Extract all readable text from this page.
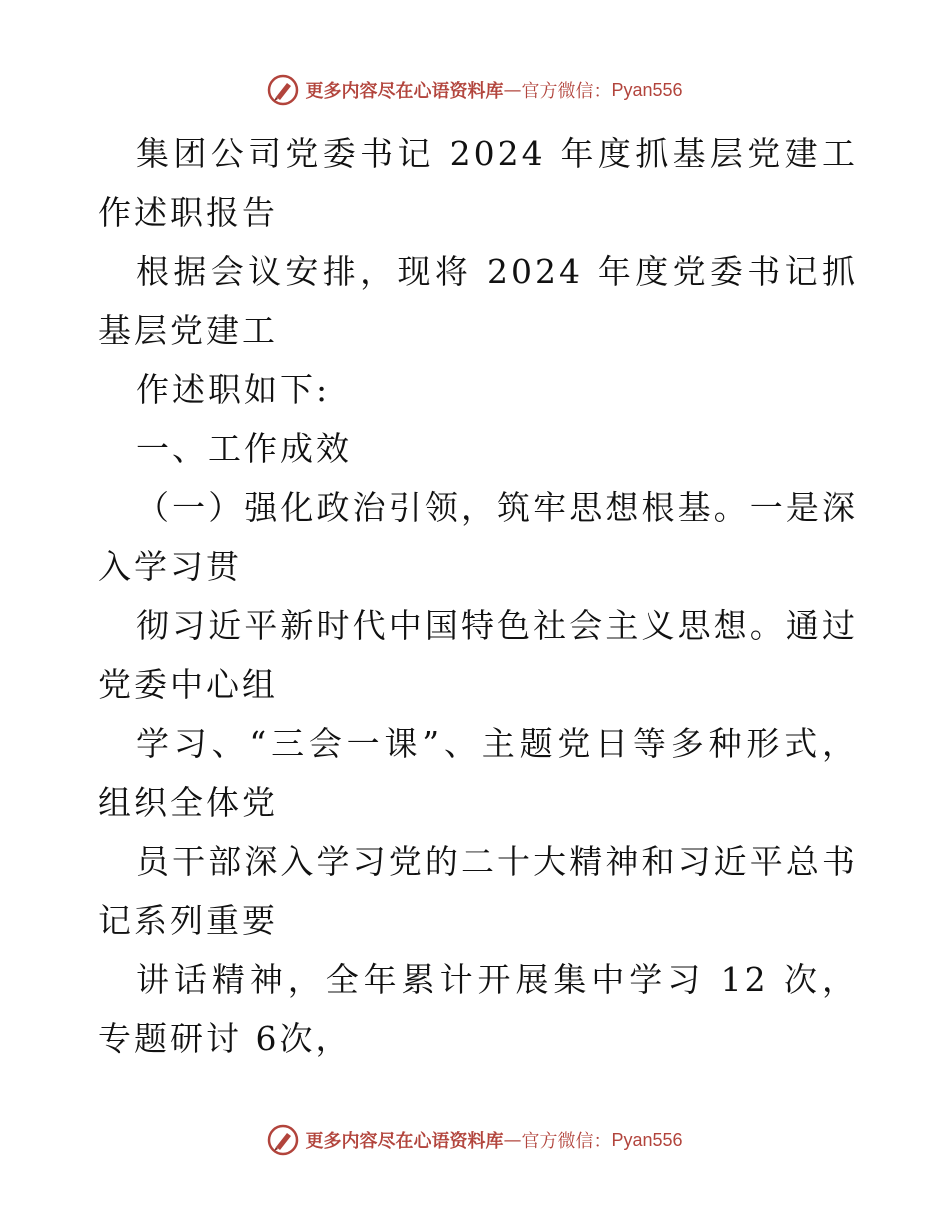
更多内容尽在心语资料库 — 官方微信： Pyan556

集团公司党委书记 2024 年度抓基层党建工作述职报告

根据会议安排，现将 2024 年度党委书记抓基层党建工

作述职如下:

一、工作成效

（一）强化政治引领，筑牢思想根基。一是深入学习贯

彻习近平新时代中国特色社会主义思想。通过党委中心组

学习、“三会一课”、主题党日等多种形式，组织全体党

员干部深入学习党的二十大精神和习近平总书记系列重要

讲话精神，全年累计开展集中学习 12 次，专题研讨 6次，

更多内容尽在心语资料库 — 官方微信： Pyan556
